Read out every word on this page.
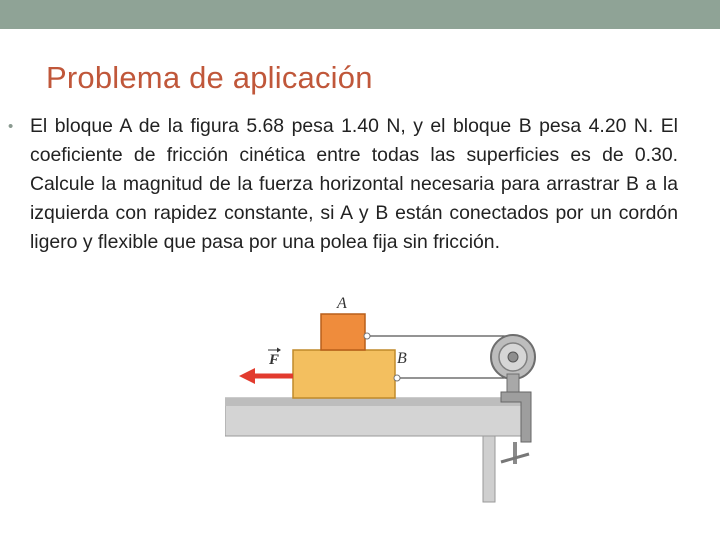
Problema de aplicación
• El bloque A de la figura 5.68 pesa 1.40 N, y el bloque B pesa 4.20 N. El coeficiente de fricción cinética entre todas las superficies es de 0.30. Calcule la magnitud de la fuerza horizontal necesaria para arrastrar B a la izquierda con rapidez constante, si A y B están conectados por un cordón ligero y flexible que pasa por una polea fija sin fricción.
A
B
F
